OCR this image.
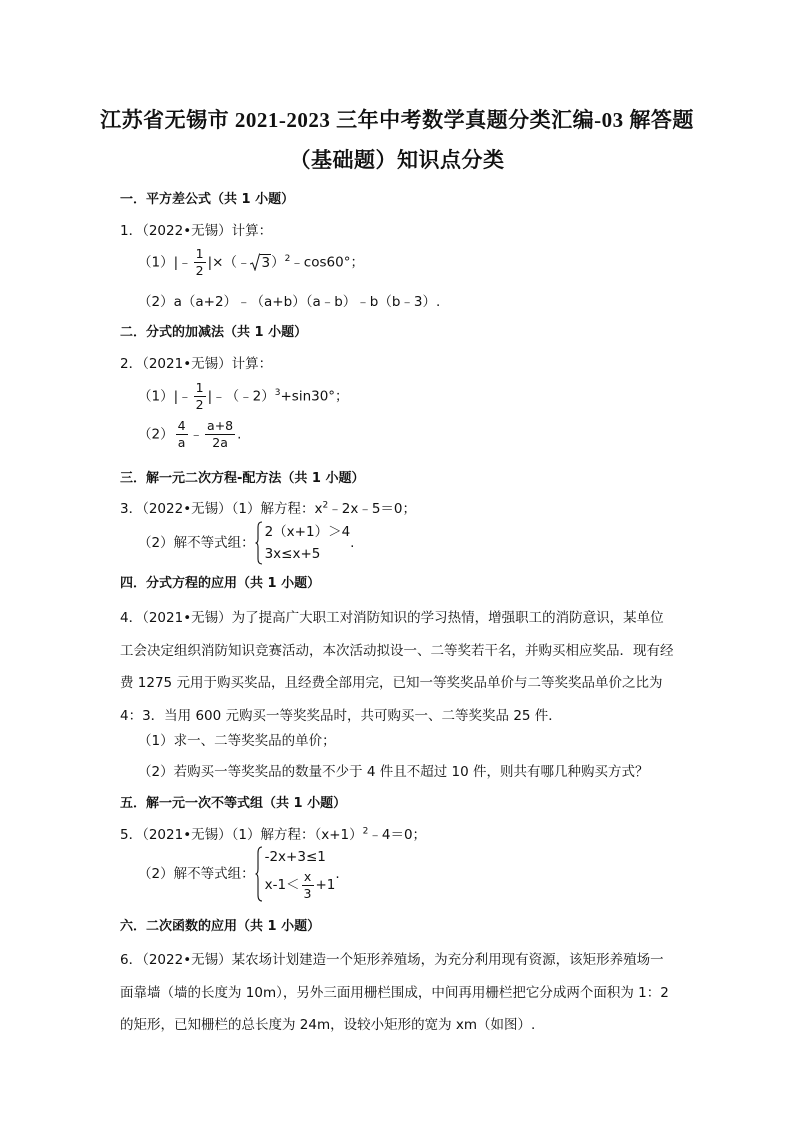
江苏省无锡市 2021-2023 三年中考数学真题分类汇编-03 解答题
（基础题）知识点分类
一．平方差公式（共 1 小题）
1．（2022•无锡）计算：
（1）|﹣ $\frac{1}{2}$ |×（﹣ 3）$^2$﹣cos60°；
（2）a（a+2）﹣（a+b）（a﹣b）﹣b（b﹣3）.
二．分式的加减法（共 1 小题）
2．（2021•无锡）计算：
（1）|﹣ $\frac{1}{2}$ |﹣（﹣2）$^3$+sin30°；
$(2) \frac{4}{a}$ ﹣ $\frac{a+8}{2a}$ .
三．解一元二次方程-配方法（共 1 小题）
3．（2022•无锡）（1）解方程：$x^2﹣2x﹣5=0$；
（2）解不等式组：
2（x+1）＞4
3x≤x+5
.
四．分式方程的应用（共 1 小题）
4．（2021•无锡）为了提高广大职工对消防知识的学习热情，增强职工的消防意识，某单位工会决定组织消防知识竞赛活动，本次活动拟设一、二等奖若干名，并购买相应奖品．现有经费 1275 元用于购买奖品，且经费全部用完，已知一等奖奖品单价与二等奖奖品单价之比为 4：3．当用 600 元购买一等奖奖品时，共可购买一、二等奖奖品 25 件．
（1）求一、二等奖奖品的单价；
（2）若购买一等奖奖品的数量不少于 4 件且不超过 10 件，则共有哪几种购买方式？
五．解一元一次不等式组（共 1 小题）
5．（2021•无锡）（1）解方程：$(x+1)^2﹣4=0$；
（2）解不等式组：
-2x+3≤1
$x-1< \frac{x}{3} +1$
.
六．二次函数的应用（共 1 小题）
6．（2022•无锡）某农场计划建造一个矩形养殖场，为充分利用现有资源，该矩形养殖场一面靠墙（墙的长度为 10m），另外三面用栅栏围成，中间再用栅栏把它分成两个面积为 1：2 的矩形，已知栅栏的总长度为 24m，设较小矩形的宽为 xm（如图）.
